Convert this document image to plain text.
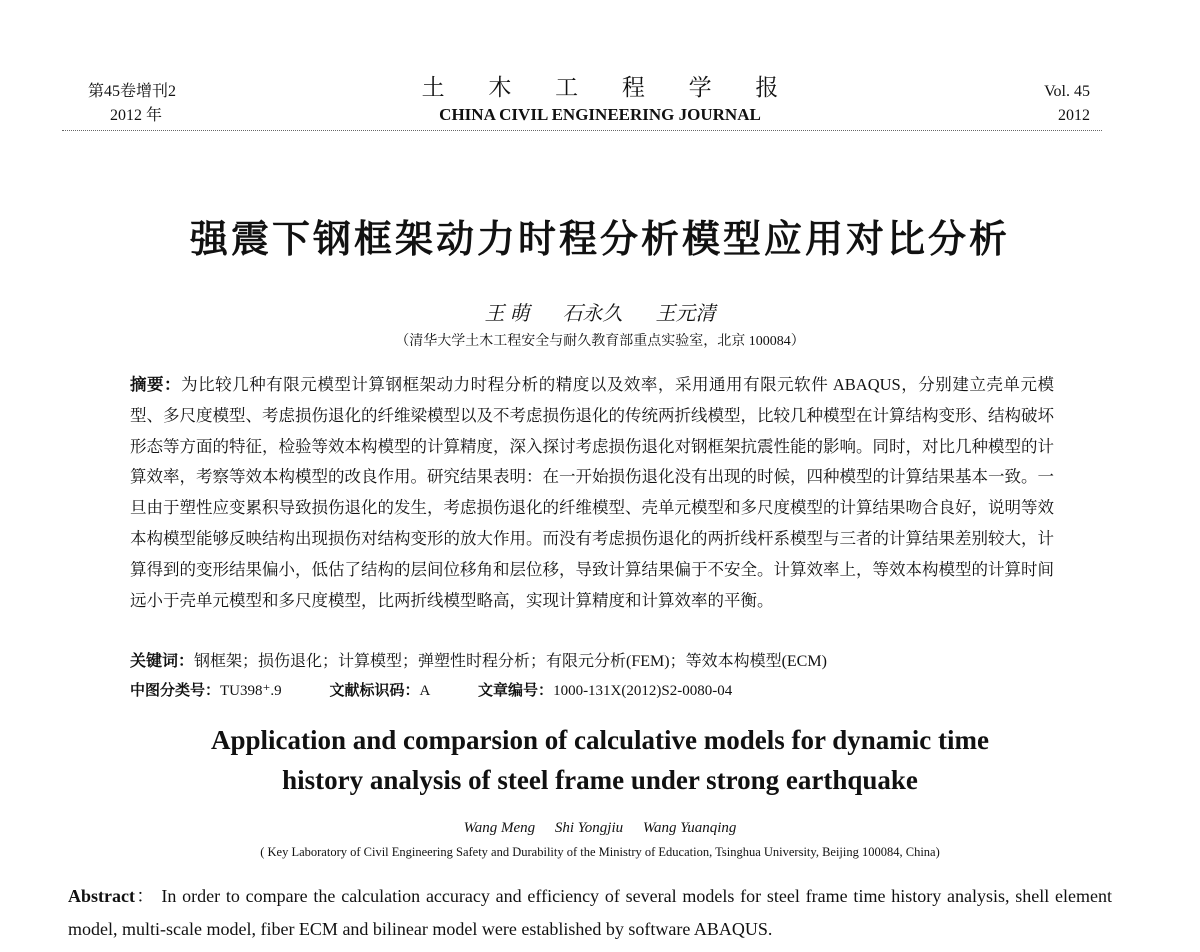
第45卷增刊2
2012 年
土 木 工 程 学 报
CHINA CIVIL ENGINEERING JOURNAL
Vol. 45
2012
强震下钢框架动力时程分析模型应用对比分析
王 萌 石永久 王元清
（清华大学土木工程安全与耐久教育部重点实验室，北京 100084）
摘要：为比较几种有限元模型计算钢框架动力时程分析的精度以及效率，采用通用有限元软件 ABAQUS，分别建立壳单元模型、多尺度模型、考虑损伤退化的纤维梁模型以及不考虑损伤退化的传统两折线模型，比较几种模型在计算结构变形、结构破坏形态等方面的特征，检验等效本构模型的计算精度，深入探讨考虑损伤退化对钢框架抗震性能的影响。同时，对比几种模型的计算效率，考察等效本构模型的改良作用。研究结果表明：在一开始损伤退化没有出现的时候，四种模型的计算结果基本一致。一旦由于塑性应变累积导致损伤退化的发生，考虑损伤退化的纤维模型、壳单元模型和多尺度模型的计算结果吻合良好，说明等效本构模型能够反映结构出现损伤对结构变形的放大作用。而没有考虑损伤退化的两折线杆系模型与三者的计算结果差别较大，计算得到的变形结果偏小，低估了结构的层间位移角和层位移，导致计算结果偏于不安全。计算效率上，等效本构模型的计算时间远小于壳单元模型和多尺度模型，比两折线模型略高，实现计算精度和计算效率的平衡。
关键词：钢框架；损伤退化；计算模型；弹塑性时程分析；有限元分析(FEM)；等效本构模型(ECM)
中图分类号：TU398⁺.9	文献标识码：A	文章编号：1000-131X(2012)S2-0080-04
Application and comparsion of calculative models for dynamic time
history analysis of steel frame under strong earthquake
Wang Meng Shi Yongjiu Wang Yuanqing
( Key Laboratory of Civil Engineering Safety and Durability of the Ministry of Education, Tsinghua University, Beijing 100084, China)
Abstract： In order to compare the calculation accuracy and efficiency of several models for steel frame time history analysis, shell element model, multi-scale model, fiber ECM and bilinear model were established by software ABAQUS.
